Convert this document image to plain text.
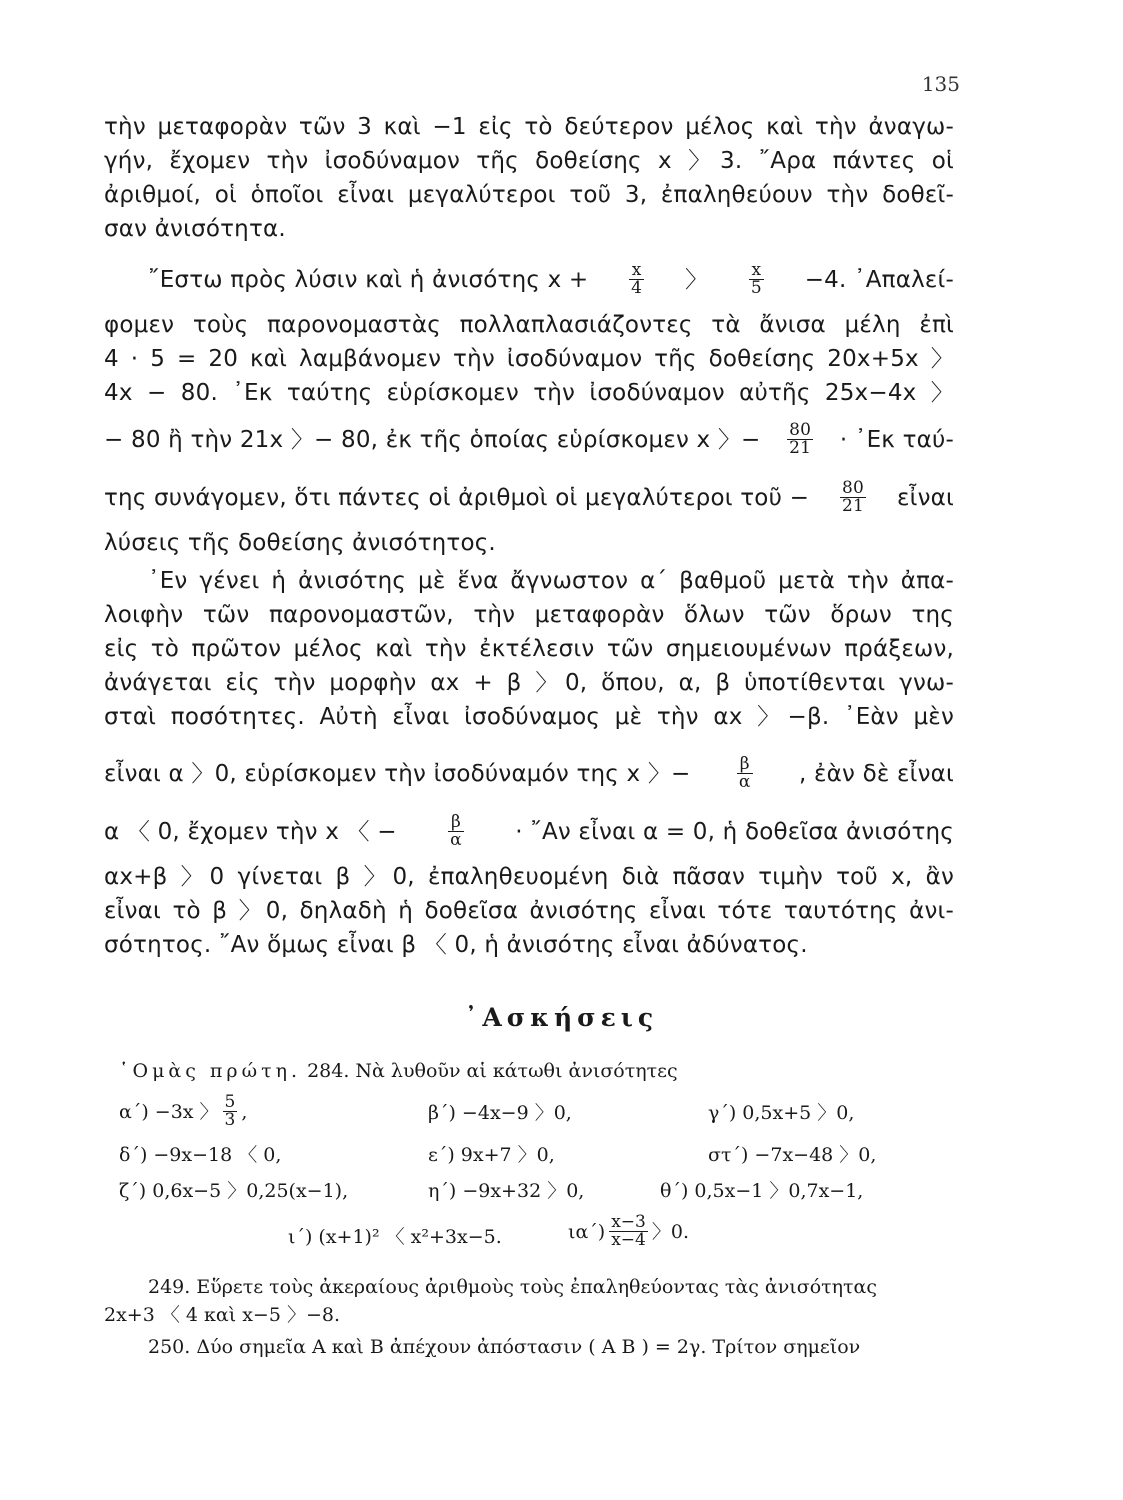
135
τὴν μεταφορὰν τῶν 3 καὶ −1 εἰς τὸ δεύτερον μέλος καὶ τὴν ἀναγω-
γήν, ἔχομεν τὴν ἰσοδύναμον τῆς δοθείσης x 〉3. ῎Αρα πάντες οἱ
ἀριθμοί, οἱ ὁποῖοι εἶναι μεγαλύτεροι τοῦ 3, ἐπαληθεύουν τὴν δοθεῖ-
σαν ἀνισότητα.
῎Εστω πρὸς λύσιν καὶ ἡ ἀνισότης $x + \frac{x}{4}$ 〉 $\frac{x}{5} -4$. ᾿Απαλεί-
φομεν τοὺς παρονομαστὰς πολλαπλασιάζοντες τὰ ἄνισα μέλη ἐπὶ
4 · 5 = 20 καὶ λαμβάνομεν τὴν ἰσοδύναμον τῆς δοθείσης 20x+5x 〉
4x − 80. ᾿Εκ ταύτης εὑρίσκομεν τὴν ἰσοδύναμον αὐτῆς 25x−4x 〉
− 80 ἢ τὴν 21x 〉− 80, ἐκ τῆς ὁποίας εὑρίσκομεν x 〉− $\frac{80}{21}$ · ᾿Εκ ταύ-
της συνάγομεν, ὅτι πάντες οἱ ἀριθμοὶ οἱ μεγαλύτεροι τοῦ − $\frac{80}{21}$ εἶναι
λύσεις τῆς δοθείσης ἀνισότητος.
᾿Εν γένει ἡ ἀνισότης μὲ ἕνα ἄγνωστον α΄ βαθμοῦ μετὰ τὴν ἀπα-
λοιφὴν τῶν παρονομαστῶν, τὴν μεταφορὰν ὅλων τῶν ὅρων της
εἰς τὸ πρῶτον μέλος καὶ τὴν ἐκτέλεσιν τῶν σημειουμένων πράξεων,
ἀνάγεται εἰς τὴν μορφὴν αx + β 〉0, ὅπου, α, β ὑποτίθενται γνω-
σταὶ ποσότητες. Αὐτὴ εἶναι ἰσοδύναμος μὲ τὴν αx 〉−β. ᾿Εὰν μὲν
εἶναι α 〉0, εὑρίσκομεν τὴν ἰσοδύναμόν της x 〉−	$\frac{\beta}{\alpha}$ , ἐὰν δὲ εἶναι
α 〈 0, ἔχομεν τὴν x 〈 −	$\frac{\beta}{\alpha}$ · ῎Αν εἶναι α = 0, ἡ δοθεῖσα ἀνισότης
αx+β 〉0 γίνεται β 〉0, ἐπαληθευομένη διὰ πᾶσαν τιμὴν τοῦ x, ἂν
εἶναι τὸ β 〉0, δηλαδὴ ἡ δοθεῖσα ἀνισότης εἶναι τότε ταυτότης ἀνι-
σότητος. ῎Αν ὅμως εἶναι β 〈 0, ἡ ἀνισότης εἶναι ἀδύνατος.
᾿Ασκήσεις
῾Ομὰς πρώτη. 284. Νὰ λυθοῦν αἱ κάτωθι ἀνισότητες
α΄) −3x 〉 $\frac{5}{3}$ ,	β΄) −4x−9 〉0,	γ΄) 0,5x+5 〉0,
δ΄) −9x−18 〈 0,	ε΄) 9x+7 〉0,	στ΄) −7x−48 〉0,
ζ΄) 0,6x−5 〉0,25(x−1),	η΄) −9x+32 〉0,	θ΄) 0,5x−1 〉0,7x−1,
ι΄) (x+1)² 〈 x²+3x−5.	$\iota\alpha΄) \frac{x-3}{x-4}$ 〉0.
249. Εὕρετε τοὺς ἀκεραίους ἀριθμοὺς τοὺς ἐπαληθεύοντας τὰς ἀνισότητας
2x+3 〈 4 καὶ x−5 〉−8.
250. Δύο σημεῖα Α καὶ Β ἀπέχουν ἀπόστασιν ( Α Β ) = 2γ. Τρίτον σημεῖον
